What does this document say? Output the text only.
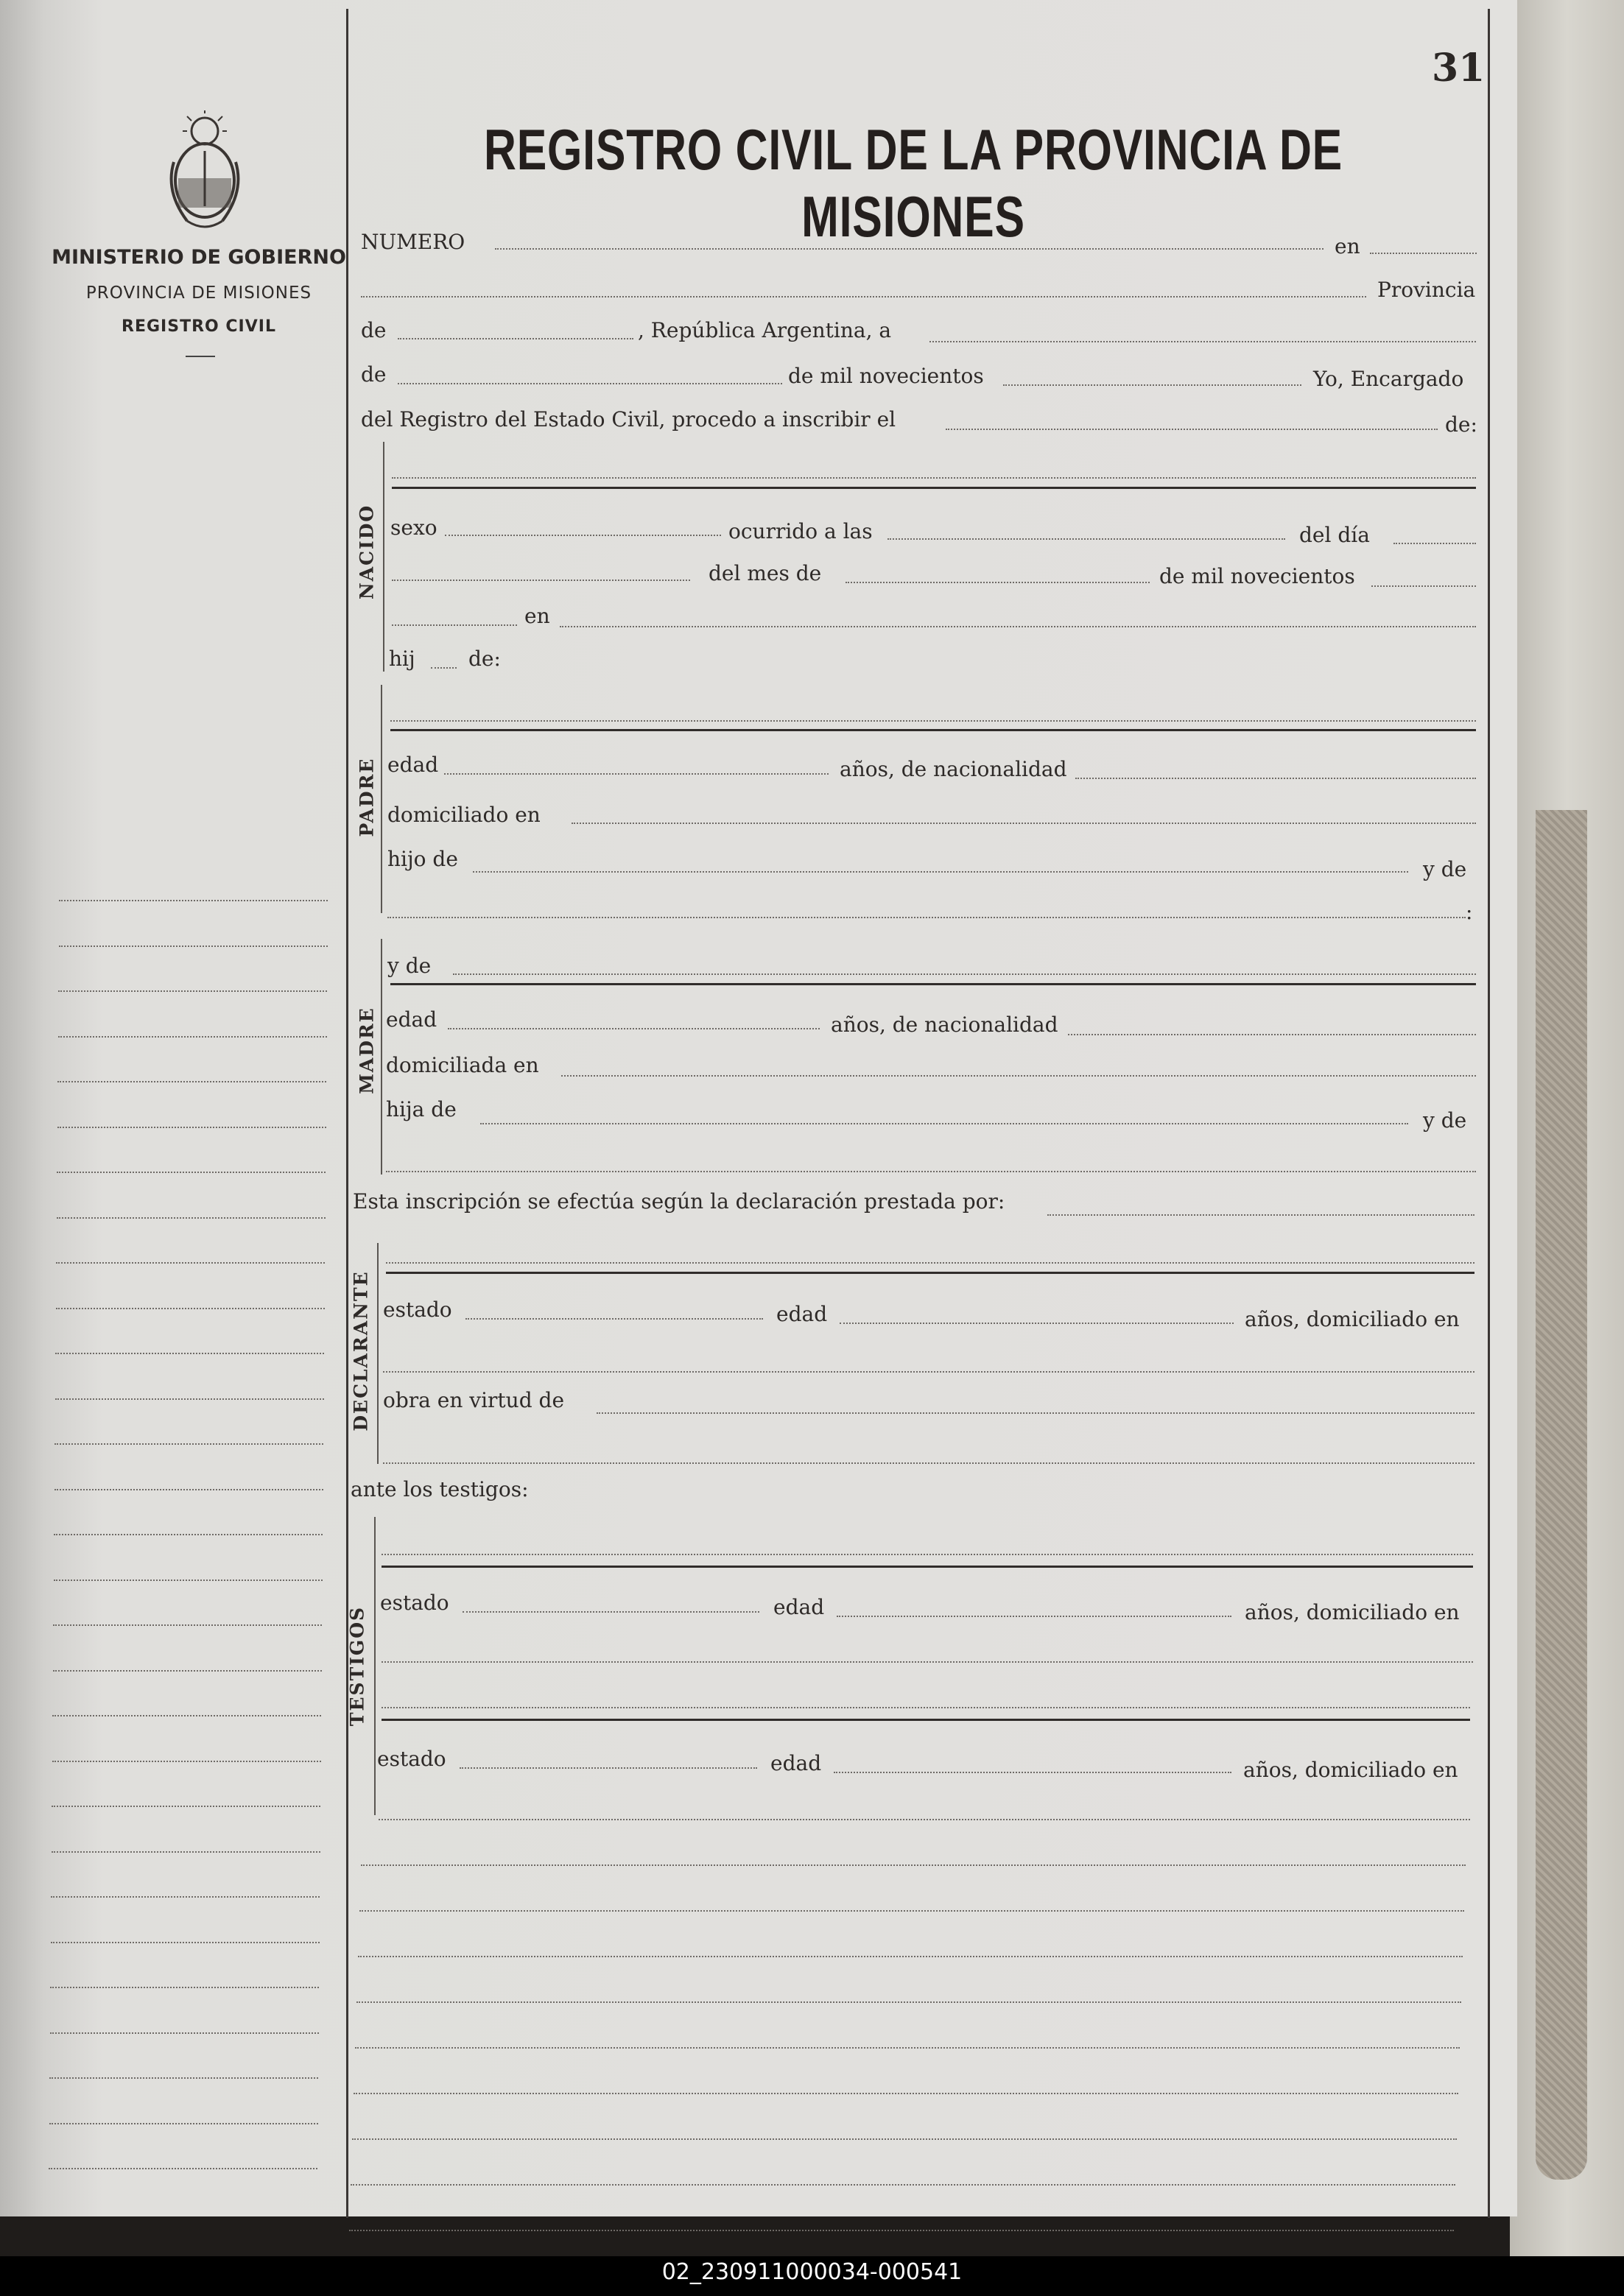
31
REGISTRO CIVIL DE LA PROVINCIA DE MISIONES
MINISTERIO DE GOBIERNO
PROVINCIA DE MISIONES
REGISTRO CIVIL
NUMERO	en
Provincia
de	, República Argentina, a
de	de mil novecientos	Yo, Encargado
del Registro del Estado Civil, procedo a inscribir el	de:
NACIDO sexo	ocurrido a las	del día
del mes de	de mil novecientos
en
hij	de:
PADRE edad	años, de nacionalidad
domiciliado en
hijo de	y de
:
MADRE
y de
edad	años, de nacionalidad
domiciliada en
hija de	y de
Esta inscripción se efectúa según la declaración prestada por:
DECLARANTE estado	edad	años, domiciliado en
obra en virtud de
ante los testigos:
TESTIGOS
estado	edad	años, domiciliado en
estado	edad	años, domiciliado en
02_230911000034-000541
